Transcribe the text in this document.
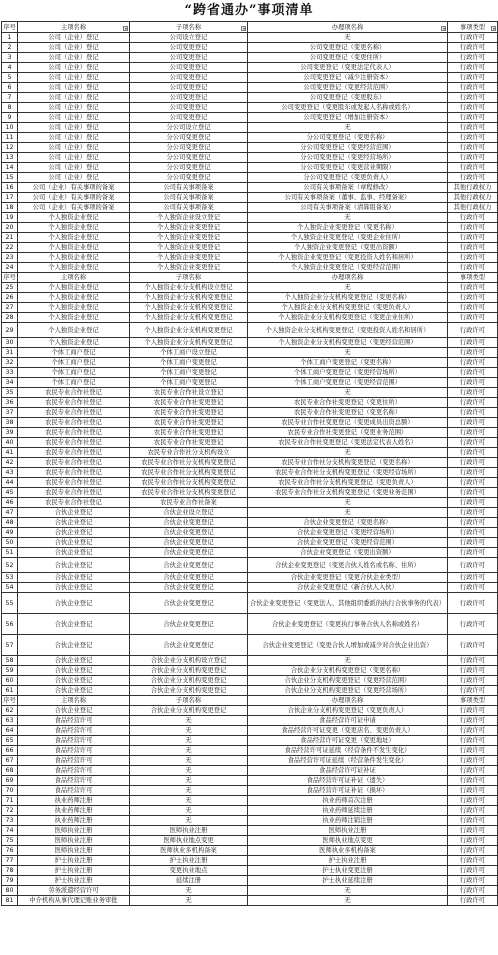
“跨省通办”事项清单
序号	主项名称	子项名称	办理项名称	事项类型

1	公司（企业）登记	公司设立登记	无	行政许可
2	公司（企业）登记	公司变更登记	公司变更登记（变更名称）	行政许可
3	公司（企业）登记	公司变更登记	公司变更登记（变更住所）	行政许可
4	公司（企业）登记	公司变更登记	公司变更登记（变更法定代表人）	行政许可
5	公司（企业）登记	公司变更登记	公司变更登记（减少注册资本）	行政许可
6	公司（企业）登记	公司变更登记	公司变更登记（变更经营范围）	行政许可
7	公司（企业）登记	公司变更登记	公司变更登记（变更股东）	行政许可
8	公司（企业）登记	公司变更登记	公司变更登记（变更股东或发起人名称或姓名）	行政许可
9	公司（企业）登记	公司变更登记	公司变更登记（增加注册资本）	行政许可
10	公司（企业）登记	分公司设立登记	无	行政许可
11	公司（企业）登记	分公司变更登记	分公司变更登记（变更名称）	行政许可
12	公司（企业）登记	分公司变更登记	分公司变更登记（变更经营范围）	行政许可
13	公司（企业）登记	分公司变更登记	分公司变更登记（变更经营场所）	行政许可
14	公司（企业）登记	分公司变更登记	分公司变更登记（变更营业期限）	行政许可
15	公司（企业）登记	分公司变更登记	分公司变更登记（变更负责人）	行政许可
16	公司（企业）有关事项的备案	公司有关事项备案	公司有关事项备案（章程修改）	其他行政权力
17	公司（企业）有关事项的备案	公司有关事项备案	公司有关事项备案（董事、监事、经理备案）	其他行政权力
18	公司（企业）有关事项的备案	公司有关事项备案	公司有关事项备案（清算组备案）	其他行政权力
19	个人独资企业登记	个人独资企业设立登记	无	行政许可
20	个人独资企业登记	个人独资企业变更登记	个人独资企业变更登记（变更名称）	行政许可
21	个人独资企业登记	个人独资企业变更登记	个人独资企业变更登记（变更企业住所）	行政许可
22	个人独资企业登记	个人独资企业变更登记	个人独资企业变更登记（变更出资额）	行政许可
23	个人独资企业登记	个人独资企业变更登记	个人独资企业变更登记（变更投资人姓名和居所）	行政许可
24	个人独资企业登记	个人独资企业变更登记	个人独资企业变更登记（变更经营范围）	行政许可
序号	主项名称	子项名称	办理项名称	事项类型
25	个人独资企业登记	个人独资企业分支机构设立登记	无	行政许可
26	个人独资企业登记	个人独资企业分支机构变更登记	个人独资企业分支机构变更登记（变更名称）	行政许可
27	个人独资企业登记	个人独资企业分支机构变更登记	个人独资企业分支机构变更登记（变更负责人）	行政许可
28	个人独资企业登记	个人独资企业分支机构变更登记	个人独资企业分支机构变更登记（变更企业住所）	行政许可
29	个人独资企业登记	个人独资企业分支机构变更登记	个人独资企业分支机构变更登记（变更投资人姓名和居所）	行政许可
30	个人独资企业登记	个人独资企业分支机构变更登记	个人独资企业分支机构变更登记（变更经营范围）	行政许可
31	个体工商户登记	个体工商户设立登记	无	行政许可
32	个体工商户登记	个体工商户变更登记	个体工商户变更登记（变更名称）	行政许可
33	个体工商户登记	个体工商户变更登记	个体工商户变更登记（变更经营场所）	行政许可
34	个体工商户登记	个体工商户变更登记	个体工商户变更登记（变更经营范围）	行政许可
35	农民专业合作社登记	农民专业合作社设立登记	无	行政许可
36	农民专业合作社登记	农民专业合作社变更登记	农民专业合作社变更登记（变更住所）	行政许可
37	农民专业合作社登记	农民专业合作社变更登记	农民专业合作社变更登记（变更名称）	行政许可
38	农民专业合作社登记	农民专业合作社变更登记	农民专业合作社变更登记（变更成员出资总额）	行政许可
39	农民专业合作社登记	农民专业合作社变更登记	农民专业合作社变更登记（变更业务范围）	行政许可
40	农民专业合作社登记	农民专业合作社变更登记	农民专业合作社变更登记（变更法定代表人姓名）	行政许可
41	农民专业合作社登记	农民专业合作社分支机构设立	无	行政许可
42	农民专业合作社登记	农民专业合作社分支机构变更登记	农民专业合作社分支机构变更登记（变更名称）	行政许可
43	农民专业合作社登记	农民专业合作社分支机构变更登记	农民专业合作社分支机构变更登记（变更经营场所）	行政许可
44	农民专业合作社登记	农民专业合作社分支机构变更登记	农民专业合作社分支机构变更登记（变更负责人）	行政许可
45	农民专业合作社登记	农民专业合作社分支机构变更登记	农民专业合作社分支机构变更登记（变更业务范围）	行政许可
46	农民专业合作社登记	农民专业合作社备案	无	行政许可
47	合伙企业登记	合伙企业设立登记	无	行政许可
48	合伙企业登记	合伙企业变更登记	合伙企业变更登记（变更名称）	行政许可
49	合伙企业登记	合伙企业变更登记	合伙企业变更登记（变更经营场所）	行政许可
50	合伙企业登记	合伙企业变更登记	合伙企业变更登记（变更经营范围）	行政许可
51	合伙企业登记	合伙企业变更登记	合伙企业变更登记（变更出资额）	行政许可
52	合伙企业登记	合伙企业变更登记	合伙企业变更登记（变更合伙人姓名或名称、住所）	行政许可
53	合伙企业登记	合伙企业变更登记	合伙企业变更登记（变更合伙企业类型）	行政许可
54	合伙企业登记	合伙企业变更登记	合伙企业变更登记（新合伙人入伙）	行政许可
55	合伙企业登记	合伙企业变更登记	合伙企业变更登记（变更法人、其他组织委派的执行合伙事务的代表）	行政许可
56	合伙企业登记	合伙企业变更登记	合伙企业变更登记（变更执行事务合伙人名称或姓名）	行政许可
57	合伙企业登记	合伙企业变更登记	合伙企业变更登记（变更合伙人增加或减少对合伙企业出资）	行政许可
58	合伙企业登记	合伙企业分支机构设立登记	无	行政许可
59	合伙企业登记	合伙企业分支机构变更登记	合伙企业分支机构变更登记（变更名称）	行政许可
60	合伙企业登记	合伙企业分支机构变更登记	合伙企业分支机构变更登记（变更经营范围）	行政许可
61	合伙企业登记	合伙企业分支机构变更登记	合伙企业分支机构变更登记（变更经营场所）	行政许可
序号	主项名称	子项名称	办理项名称	事项类型
62	合伙企业登记	合伙企业分支机构变更登记	合伙企业分支机构变更登记（变更负责人）	行政许可
63	食品经营许可	无	食品经营许可证申请	行政许可
64	食品经营许可	无	食品经营许可证变更（变更店名、变更负责人）	行政许可
65	食品经营许可	无	食品经营许可证变更（变更地址）	行政许可
66	食品经营许可	无	食品经营许可证延续（经营条件不发生变化）	行政许可
67	食品经营许可	无	食品经营许可证延续（经营条件发生变化）	行政许可
68	食品经营许可	无	食品经营许可证补证	行政许可
69	食品经营许可	无	食品经营许可证补证（遗失）	行政许可
70	食品经营许可	无	食品经营许可证补证（损坏）	行政许可
71	执业药师注册	无	执业药师首次注册	行政许可
72	执业药师注册	无	执业药师延续注册	行政许可
73	执业药师注册	无	执业药师注销注册	行政许可
74	医师执业注册	医师执业注册	医师执业注册	行政许可
75	医师执业注册	医师执业地点变更	医师执业地点变更	行政许可
76	医师执业注册	医师执业多机构备案	医师执业多机构备案	行政许可
77	护士执业注册	护士执业注册	护士执业注册	行政许可
78	护士执业注册	变更执业地点	护士执业变更注册	行政许可
79	护士执业注册	延续注册	护士执业延续注册	行政许可
80	劳务派遣经营许可	无	无	行政许可
81	中介机构从事代理记账业务审批	无	无	行政许可
